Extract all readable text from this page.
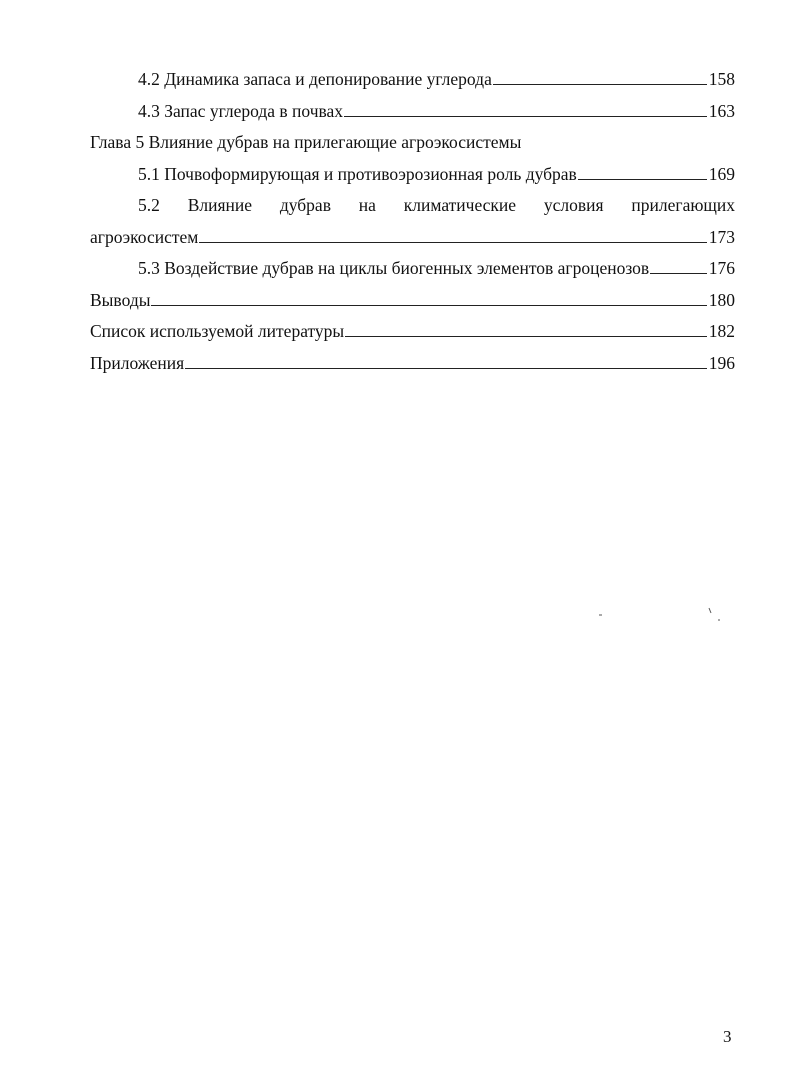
4.2 Динамика запаса и депонирование углерода	158
4.3 Запас углерода в почвах	163
Глава 5 Влияние дубрав на прилегающие агроэкосистемы
5.1 Почвоформирующая и противоэрозионная роль дубрав	169
5.2 Влияние дубрав на климатические условия прилегающих
агроэкосистем	173
5.3 Воздействие дубрав на циклы биогенных элементов агроценозов	176
Выводы	180
Список используемой литературы	182
Приложения	196
3
